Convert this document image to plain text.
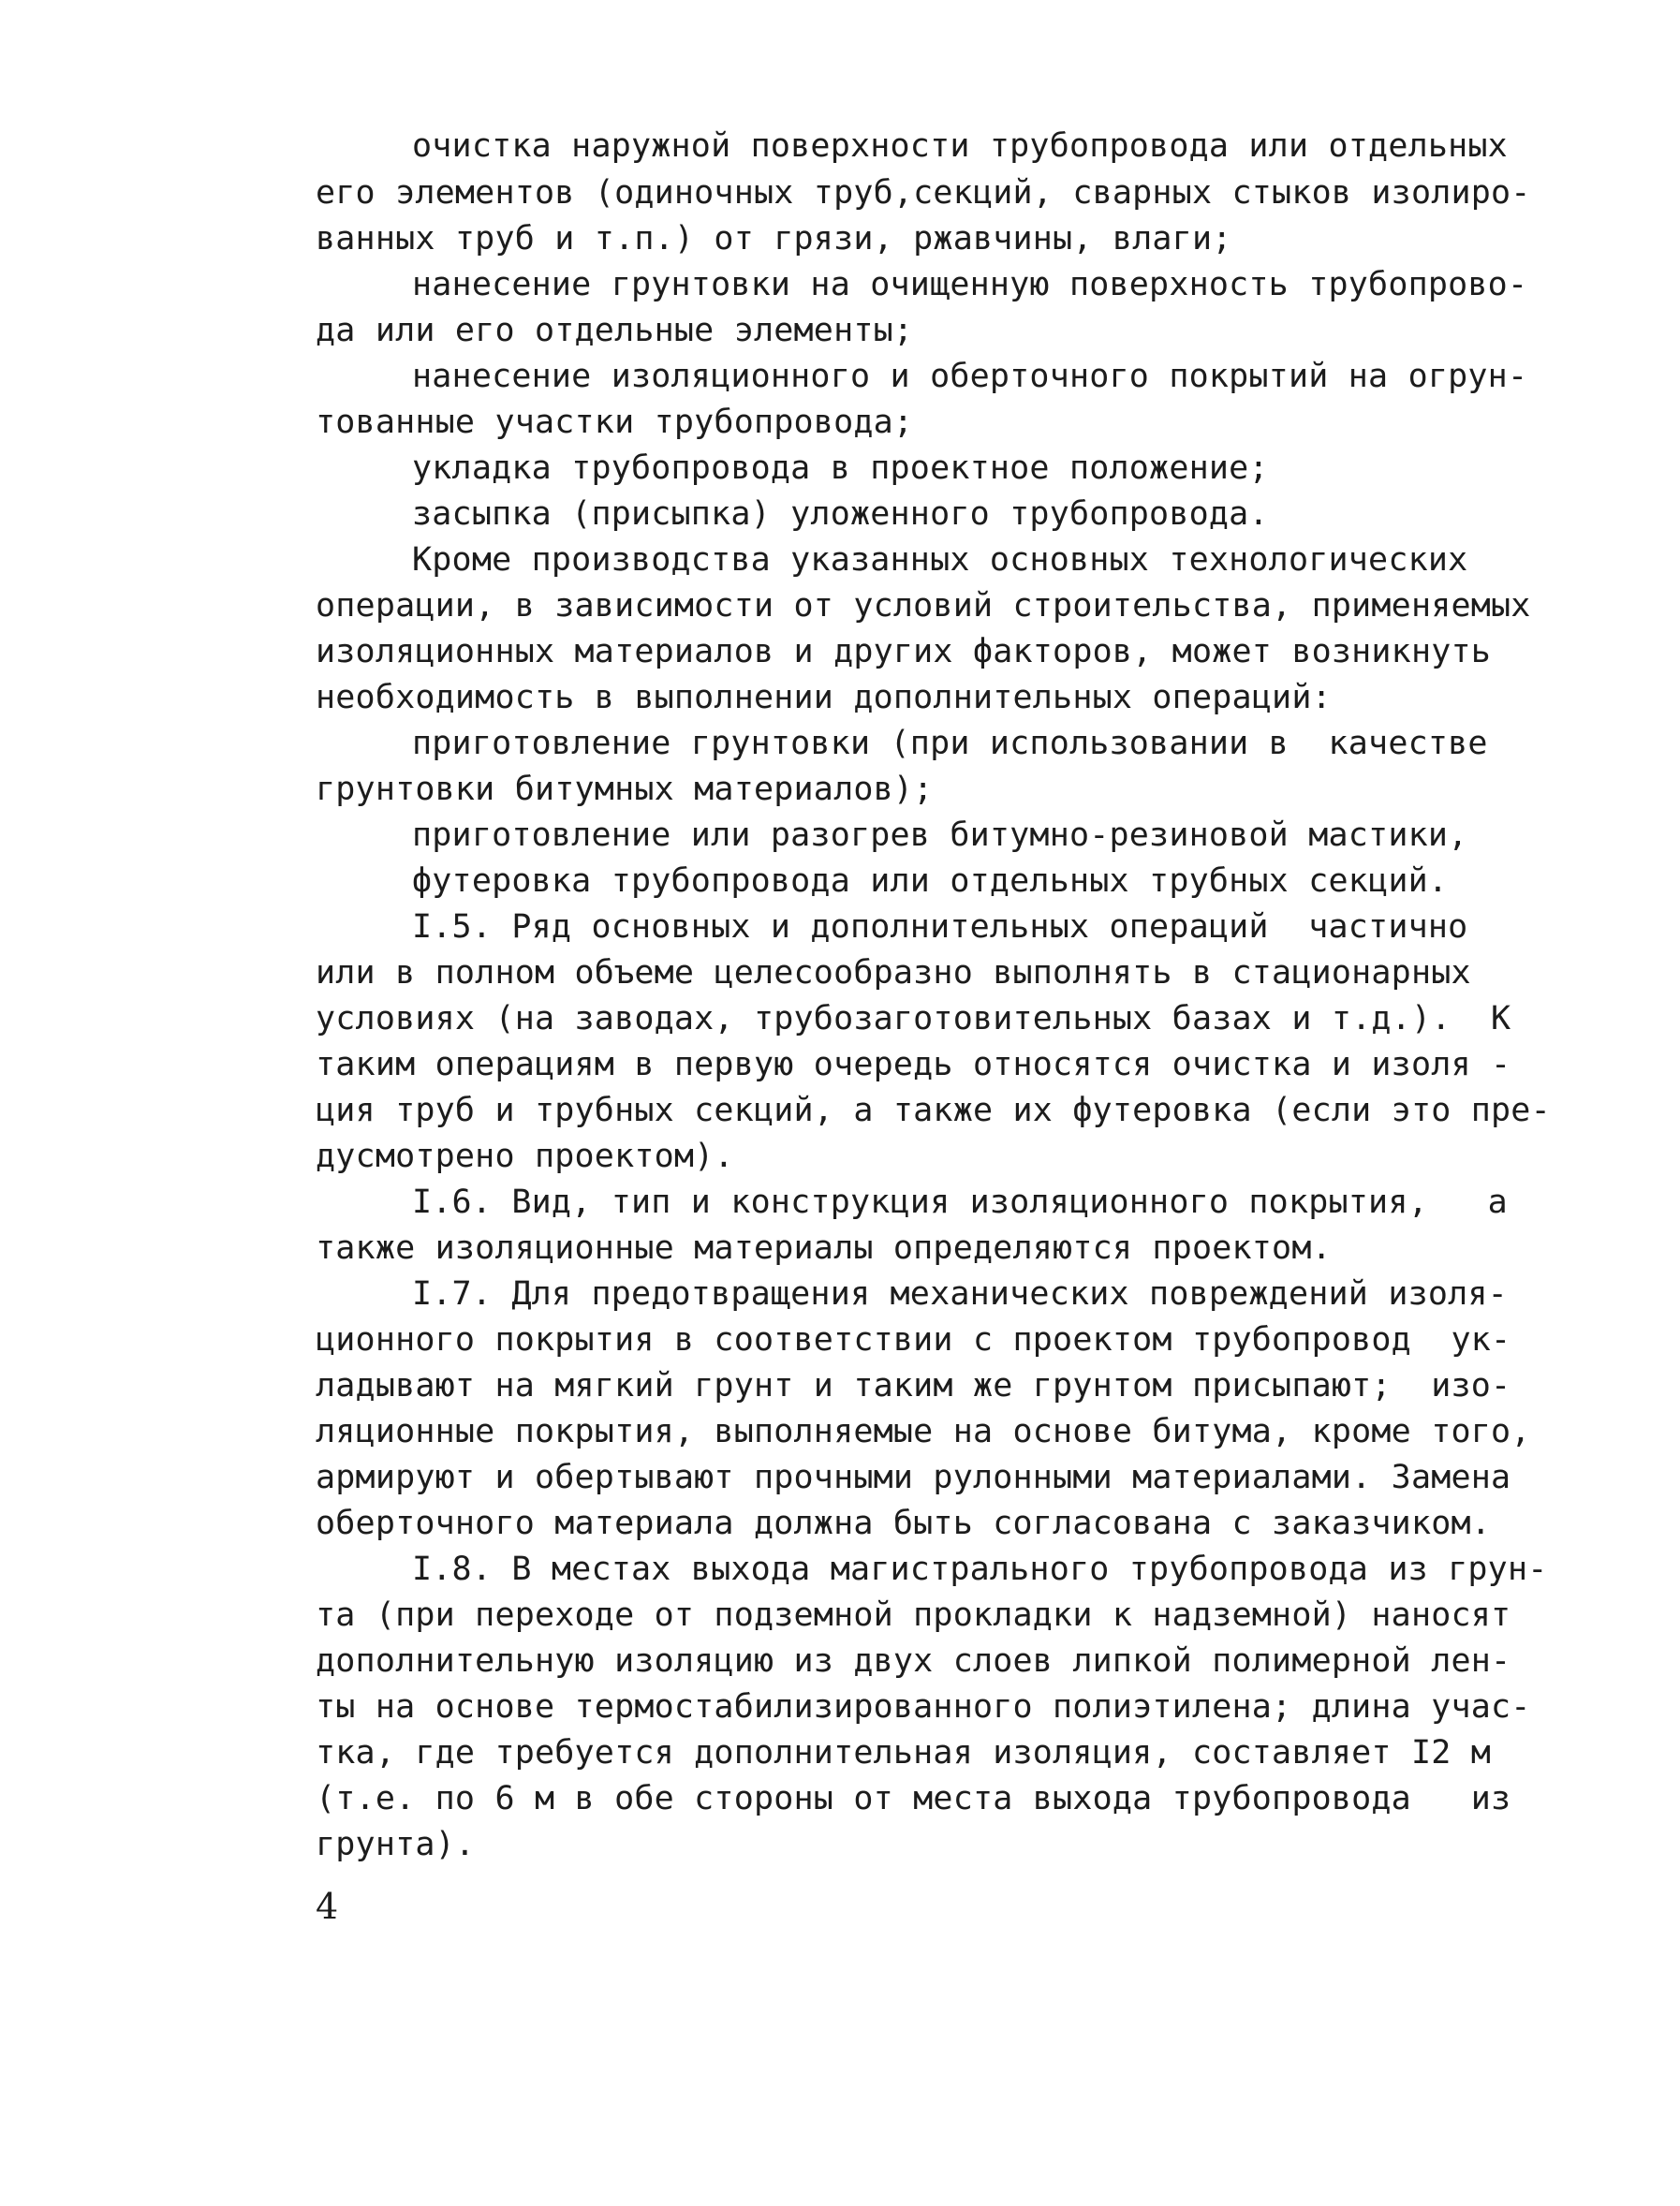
очистка наружной поверхности трубопровода или отдельных
его элементов (одиночных труб,секций, сварных стыков изолиро-
ванных труб и т.п.) от грязи, ржавчины, влаги;
нанесение грунтовки на очищенную поверхность трубопрово-
да или его отдельные элементы;
нанесение изоляционного и оберточного покрытий на огрун-
тованные участки трубопровода;
укладка трубопровода в проектное положение;
засыпка (присыпка) уложенного трубопровода.
Кроме производства указанных основных технологических
операции, в зависимости от условий строительства, применяемых
изоляционных материалов и других факторов, может возникнуть
необходимость в выполнении дополнительных операций:
приготовление грунтовки (при использовании в  качестве
грунтовки битумных материалов);
приготовление или разогрев битумно-резиновой мастики,
футеровка трубопровода или отдельных трубных секций.
I.5. Ряд основных и дополнительных операций  частично
или в полном объеме целесообразно выполнять в стационарных
условиях (на заводах, трубозаготовительных базах и т.д.).  К
таким операциям в первую очередь относятся очистка и изоля -
ция труб и трубных секций, а также их футеровка (если это пре-
дусмотрено проектом).
I.6. Вид, тип и конструкция изоляционного покрытия,   а
также изоляционные материалы определяются проектом.
I.7. Для предотвращения механических повреждений изоля-
ционного покрытия в соответствии с проектом трубопровод  ук-
ладывают на мягкий грунт и таким же грунтом присыпают;  изо-
ляционные покрытия, выполняемые на основе битума, кроме того,
армируют и обертывают прочными рулонными материалами. Замена
оберточного материала должна быть согласована с заказчиком.
I.8. В местах выхода магистрального трубопровода из грун-
та (при переходе от подземной прокладки к надземной) наносят
дополнительную изоляцию из двух слоев липкой полимерной лен-
ты на основе термостабилизированного полиэтилена; длина учас-
тка, где требуется дополнительная изоляция, составляет I2 м
(т.е. по 6 м в обе стороны от места выхода трубопровода   из
грунта).
4
